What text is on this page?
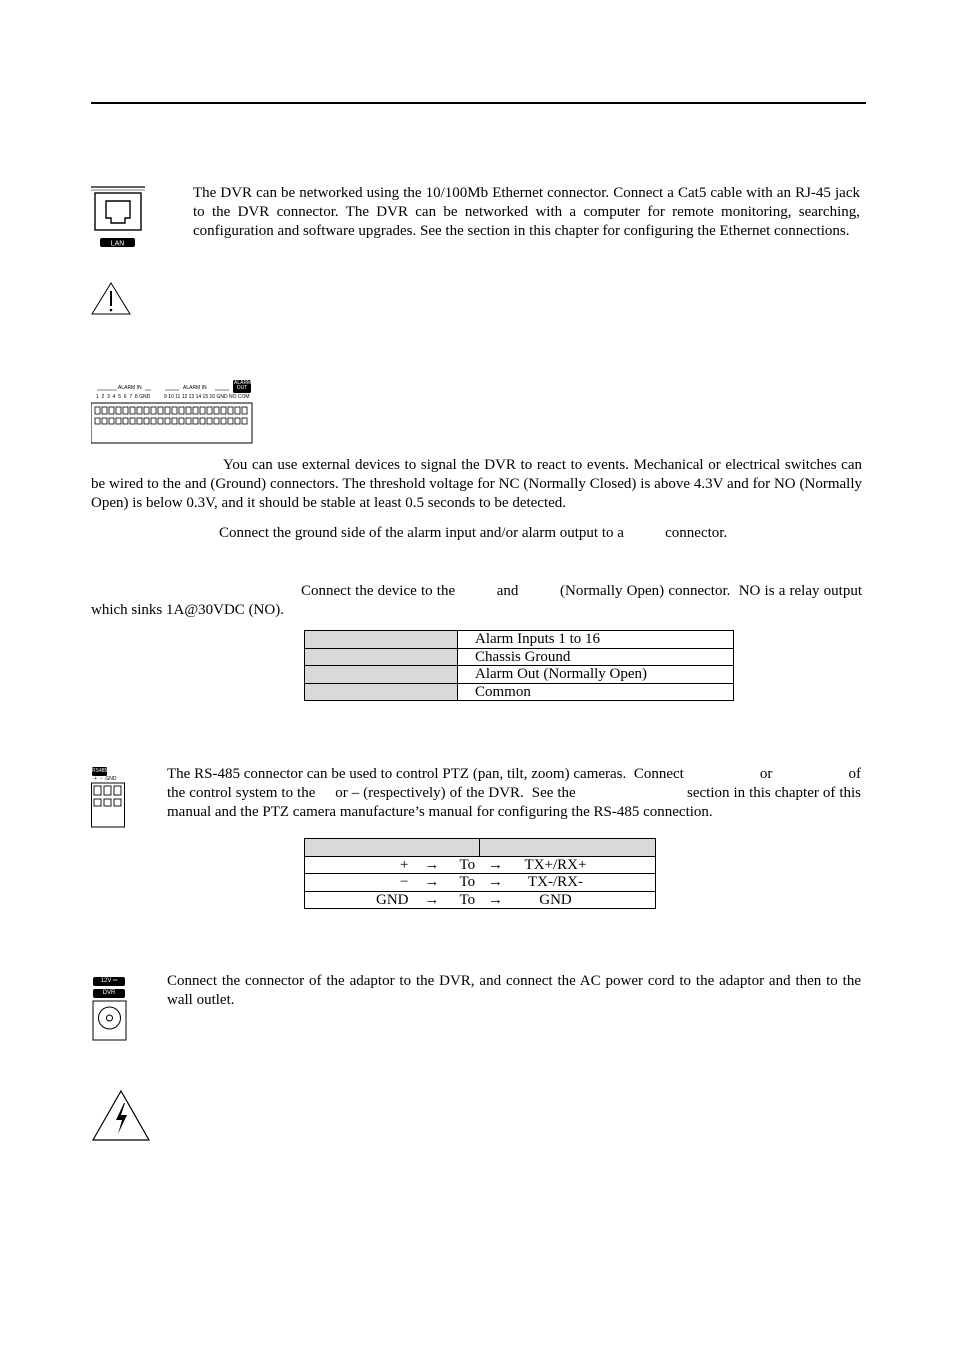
LAN

The DVR can be networked using the 10/100Mb Ethernet connector. Connect a Cat5 cable with an RJ-45 jack to the DVR connector. The DVR can be networked with a computer for remote monitoring, searching, configuration and software upgrades. See the section in this chapter for configuring the Ethernet connections.

ALARM IN	ALARM IN
ALARM OUT
1  2  3  4  5  6  7  8 GND	9 10 11 12 13 14 15 16 GND NO COM

You can use external devices to signal the DVR to react to events. Mechanical or electrical switches can be wired to the and (Ground) connectors. The threshold voltage for NC (Normally Closed) is above 4.3V and for NO (Normally Open) is below 0.3V, and it should be stable at least 0.5 seconds to be detected.

Connect the ground side of the alarm input and/or alarm output to a           connector.

Connect the device to the          and          (Normally Open) connector.  NO is a relay output which sinks 1A@30VDC (NO).

	Alarm Inputs 1 to 16
	Chassis Ground
	Alarm Out (Normally Open)
	Common
RS485
+  −  GND	The RS-485 connector can be used to control PTZ (pan, tilt, zoom) cameras.  Connect                    or                    of the control system to the     or – (respectively) of the DVR.  See the                            section in this chapter of this manual and the PTZ camera manufacture’s manual for configuring the RS-485 connection.

+	→	To	→	TX+/RX+	
−	→	To	→	TX-/RX-	
GND	→	To	→	GND	
12V ═
DVR

Connect the connector of the adaptor to the DVR, and connect the AC power cord to the adaptor and then to the wall outlet.
